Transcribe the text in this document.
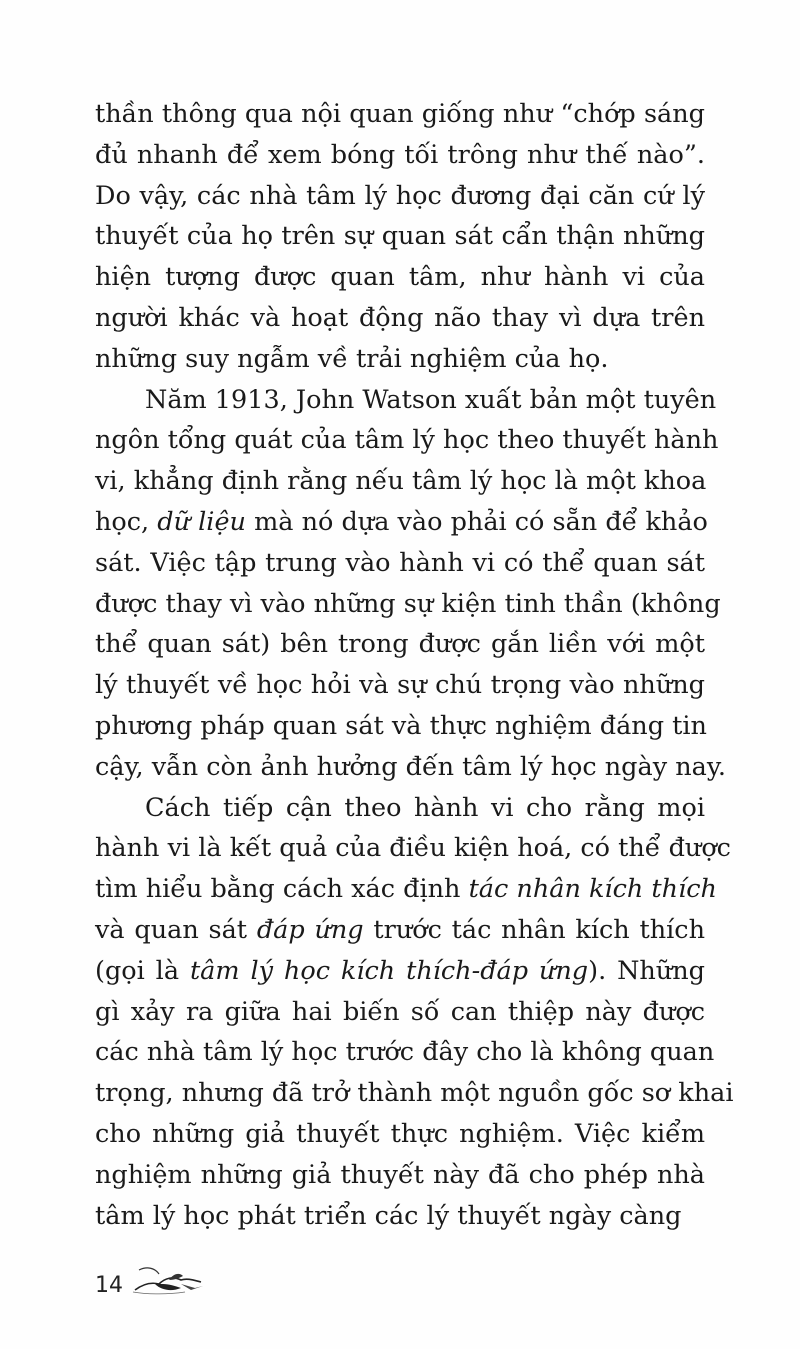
thần thông qua nội quan giống như “chớp sáng
đủ nhanh để xem bóng tối trông như thế nào”.
Do vậy, các nhà tâm lý học đương đại căn cứ lý
thuyết của họ trên sự quan sát cẩn thận những
hiện tượng được quan tâm, như hành vi của
người khác và hoạt động não thay vì dựa trên
những suy ngẫm về trải nghiệm của họ.
Năm 1913, John Watson xuất bản một tuyên
ngôn tổng quát của tâm lý học theo thuyết hành
vi, khẳng định rằng nếu tâm lý học là một khoa
học, dữ liệu mà nó dựa vào phải có sẵn để khảo
sát. Việc tập trung vào hành vi có thể quan sát
được thay vì vào những sự kiện tinh thần (không
thể quan sát) bên trong được gắn liền với một
lý thuyết về học hỏi và sự chú trọng vào những
phương pháp quan sát và thực nghiệm đáng tin
cậy, vẫn còn ảnh hưởng đến tâm lý học ngày nay.
Cách tiếp cận theo hành vi cho rằng mọi
hành vi là kết quả của điều kiện hoá, có thể được
tìm hiểu bằng cách xác định tác nhân kích thích
và quan sát đáp ứng trước tác nhân kích thích
(gọi là tâm lý học kích thích-đáp ứng). Những
gì xảy ra giữa hai biến số can thiệp này được
các nhà tâm lý học trước đây cho là không quan
trọng, nhưng đã trở thành một nguồn gốc sơ khai
cho những giả thuyết thực nghiệm. Việc kiểm
nghiệm những giả thuyết này đã cho phép nhà
tâm lý học phát triển các lý thuyết ngày càng
14
